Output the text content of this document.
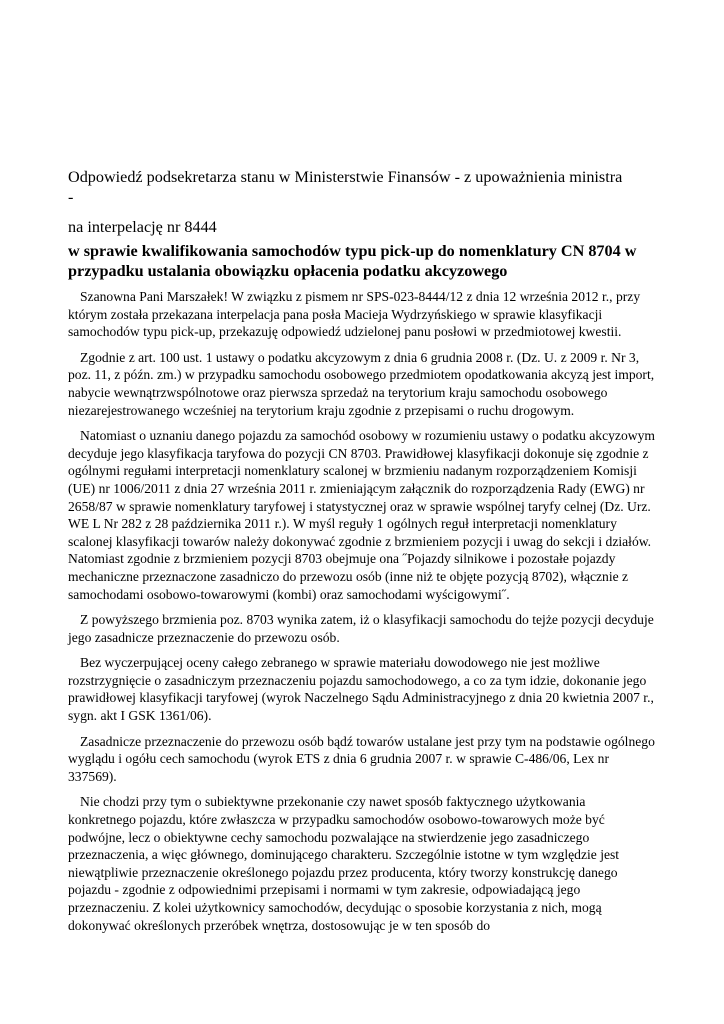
Odpowiedź podsekretarza stanu w Ministerstwie Finansów - z upoważnienia ministra

-

na interpelację nr 8444

w sprawie kwalifikowania samochodów typu pick-up do nomenklatury CN 8704 w przypadku ustalania obowiązku opłacenia podatku akcyzowego

Szanowna Pani Marszałek! W związku z pismem nr SPS-023-8444/12 z dnia 12 września 2012 r., przy którym została przekazana interpelacja pana posła Macieja Wydrzyńskiego w sprawie klasyfikacji samochodów typu pick-up, przekazuję odpowiedź udzielonej panu posłowi w przedmiotowej kwestii.

Zgodnie z art. 100 ust. 1 ustawy o podatku akcyzowym z dnia 6 grudnia 2008 r. (Dz. U. z 2009 r. Nr 3, poz. 11, z późn. zm.) w przypadku samochodu osobowego przedmiotem opodatkowania akcyzą jest import, nabycie wewnątrzwspólnotowe oraz pierwsza sprzedaż na terytorium kraju samochodu osobowego niezarejestrowanego wcześniej na terytorium kraju zgodnie z przepisami o ruchu drogowym.

Natomiast o uznaniu danego pojazdu za samochód osobowy w rozumieniu ustawy o podatku akcyzowym decyduje jego klasyfikacja taryfowa do pozycji CN 8703. Prawidłowej klasyfikacji dokonuje się zgodnie z ogólnymi regułami interpretacji nomenklatury scalonej w brzmieniu nadanym rozporządzeniem Komisji (UE) nr 1006/2011 z dnia 27 września 2011 r. zmieniającym załącznik do rozporządzenia Rady (EWG) nr 2658/87 w sprawie nomenklatury taryfowej i statystycznej oraz w sprawie wspólnej taryfy celnej (Dz. Urz. WE L Nr 282 z 28 października 2011 r.). W myśl reguły 1 ogólnych reguł interpretacji nomenklatury scalonej klasyfikacji towarów należy dokonywać zgodnie z brzmieniem pozycji i uwag do sekcji i działów. Natomiast zgodnie z brzmieniem pozycji 8703 obejmuje ona ˝Pojazdy silnikowe i pozostałe pojazdy mechaniczne przeznaczone zasadniczo do przewozu osób (inne niż te objęte pozycją 8702), włącznie z samochodami osobowo-towarowymi (kombi) oraz samochodami wyścigowymi˝.

Z powyższego brzmienia poz. 8703 wynika zatem, iż o klasyfikacji samochodu do tejże pozycji decyduje jego zasadnicze przeznaczenie do przewozu osób.

Bez wyczerpującej oceny całego zebranego w sprawie materiału dowodowego nie jest możliwe rozstrzygnięcie o zasadniczym przeznaczeniu pojazdu samochodowego, a co za tym idzie, dokonanie jego prawidłowej klasyfikacji taryfowej (wyrok Naczelnego Sądu Administracyjnego z dnia 20 kwietnia 2007 r., sygn. akt I GSK 1361/06).

Zasadnicze przeznaczenie do przewozu osób bądź towarów ustalane jest przy tym na podstawie ogólnego wyglądu i ogółu cech samochodu (wyrok ETS z dnia 6 grudnia 2007 r. w sprawie C-486/06, Lex nr 337569).

Nie chodzi przy tym o subiektywne przekonanie czy nawet sposób faktycznego użytkowania konkretnego pojazdu, które zwłaszcza w przypadku samochodów osobowo-towarowych może być podwójne, lecz o obiektywne cechy samochodu pozwalające na stwierdzenie jego zasadniczego przeznaczenia, a więc głównego, dominującego charakteru. Szczególnie istotne w tym względzie jest niewątpliwie przeznaczenie określonego pojazdu przez producenta, który tworzy konstrukcję danego pojazdu - zgodnie z odpowiednimi przepisami i normami w tym zakresie, odpowiadającą jego przeznaczeniu. Z kolei użytkownicy samochodów, decydując o sposobie korzystania z nich, mogą dokonywać określonych przeróbek wnętrza, dostosowując je w ten sposób do
